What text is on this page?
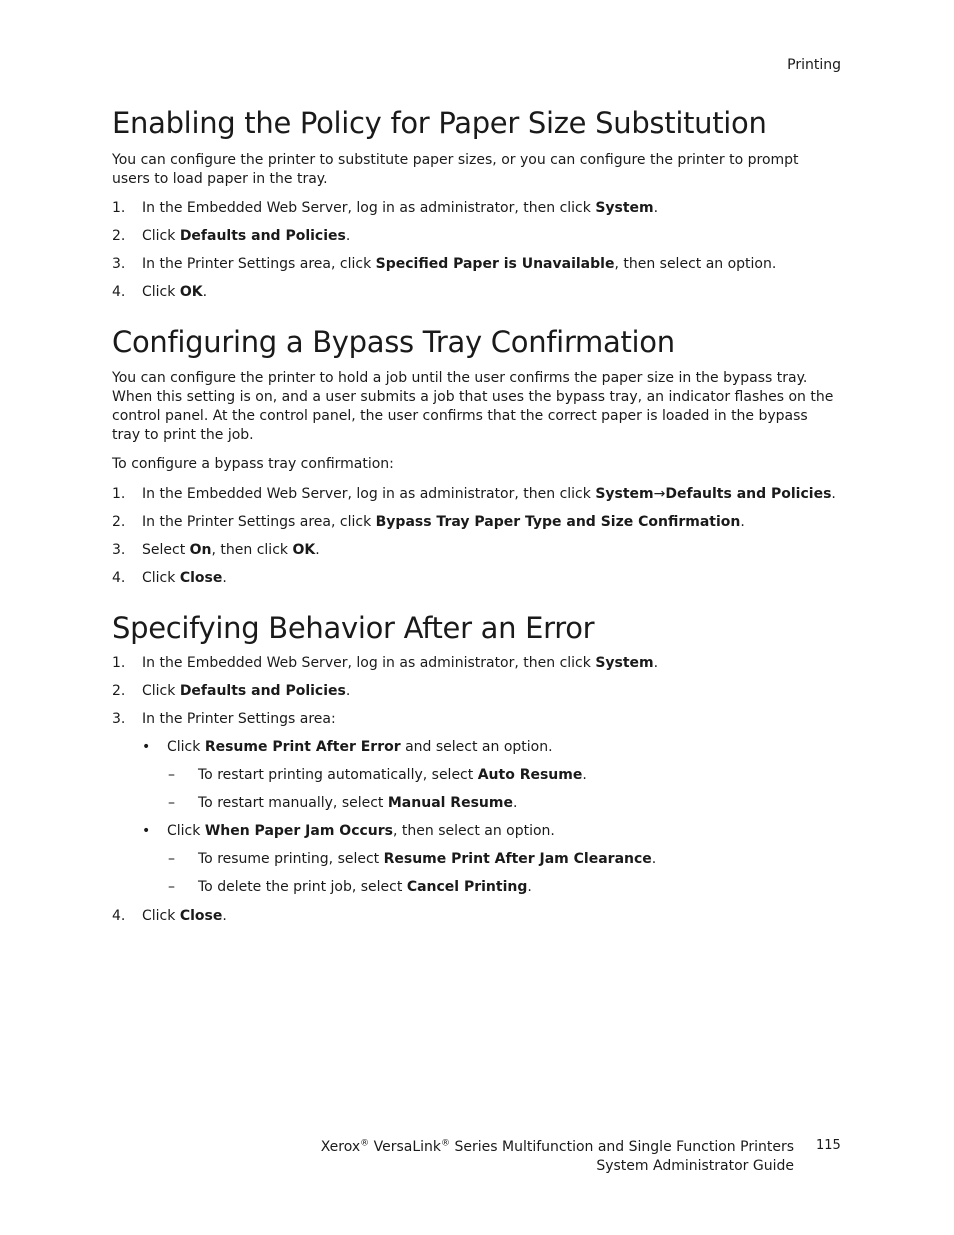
Printing
Enabling the Policy for Paper Size Substitution

You can configure the printer to substitute paper sizes, or you can configure the printer to prompt users to load paper in the tray.

1. In the Embedded Web Server, log in as administrator, then click System.
2. Click Defaults and Policies.
3. In the Printer Settings area, click Specified Paper is Unavailable, then select an option.
4. Click OK.
Configuring a Bypass Tray Confirmation

You can configure the printer to hold a job until the user confirms the paper size in the bypass tray. When this setting is on, and a user submits a job that uses the bypass tray, an indicator flashes on the control panel. At the control panel, the user confirms that the correct paper is loaded in the bypass tray to print the job.

To configure a bypass tray confirmation:

1. In the Embedded Web Server, log in as administrator, then click System→Defaults and Policies.
2. In the Printer Settings area, click Bypass Tray Paper Type and Size Confirmation.
3. Select On, then click OK.
4. Click Close.
Specifying Behavior After an Error
1. In the Embedded Web Server, log in as administrator, then click System.
2. Click Defaults and Policies.
3. In the Printer Settings area:
• Click Resume Print After Error and select an option.
– To restart printing automatically, select Auto Resume.
– To restart manually, select Manual Resume.
• Click When Paper Jam Occurs, then select an option.
– To resume printing, select Resume Print After Jam Clearance.
– To delete the print job, select Cancel Printing.
4. Click Close.
Xerox® VersaLink® Series Multifunction and Single Function Printers
System Administrator Guide
115
